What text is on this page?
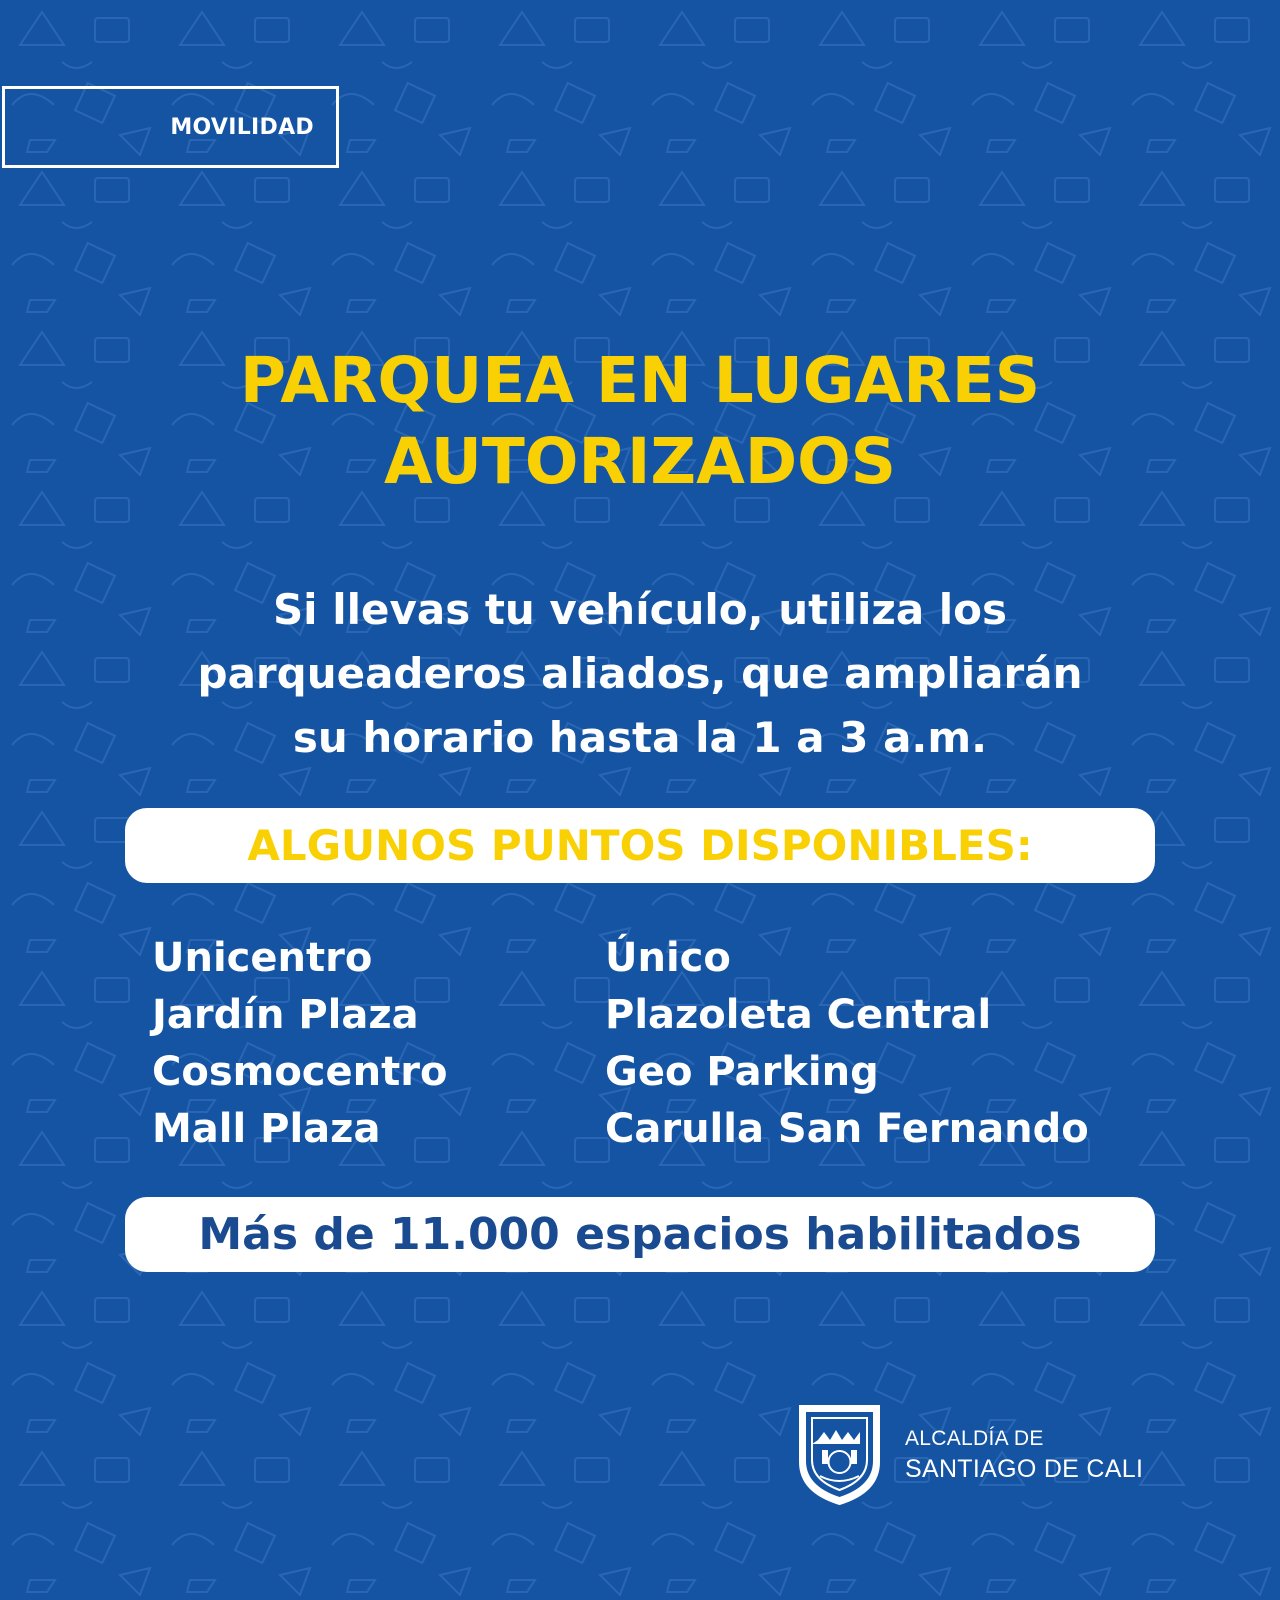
MOVILIDAD
PARQUEA EN LUGARES
AUTORIZADOS
Si llevas tu vehículo, utiliza los
parqueaderos aliados, que ampliarán
su horario hasta la 1 a 3 a.m.
ALGUNOS PUNTOS DISPONIBLES:
Unicentro
Jardín Plaza
Cosmocentro
Mall Plaza
Único
Plazoleta Central
Geo Parking
Carulla San Fernando
Más de 11.000 espacios habilitados
ALCALDÍA DE
SANTIAGO DE CALI
